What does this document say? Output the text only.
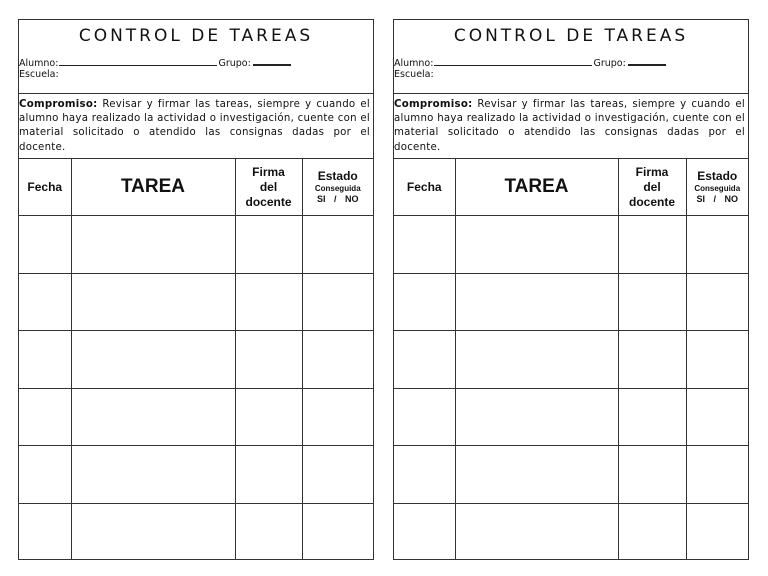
CONTROL DE TAREAS
Alumno:	Grupo:
Escuela:
Compromiso: Revisar y firmar las tareas, siempre y cuando el alumno haya realizado la actividad o investigación, cuente con el material solicitado o atendido las consignas dadas por el docente.
Fecha	TAREA	Firma
del
docente	Estado
Conseguida
SI / NO

CONTROL DE TAREAS
Alumno:	Grupo:
Escuela:
Compromiso: Revisar y firmar las tareas, siempre y cuando el alumno haya realizado la actividad o investigación, cuente con el material solicitado o atendido las consignas dadas por el docente.
Fecha	TAREA	Firma
del
docente	Estado
Conseguida
SI / NO
